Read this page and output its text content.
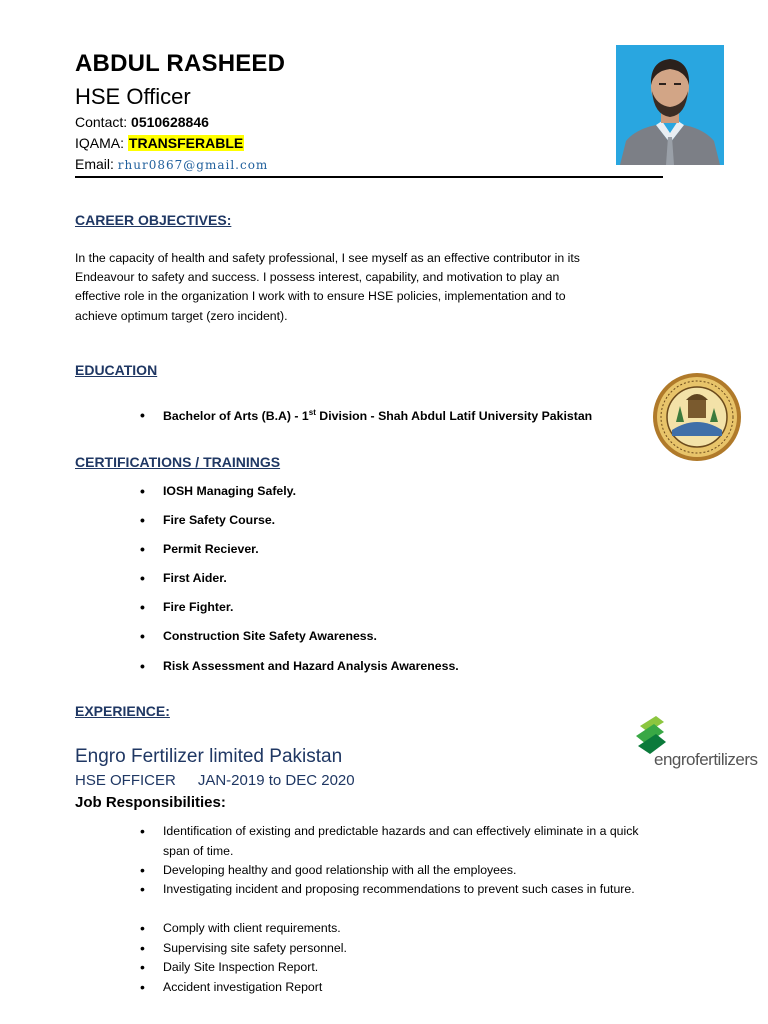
ABDUL RASHEED
HSE Officer
Contact: 0510628846
IQAMA: TRANSFERABLE
Email: rhur0867@gmail.com
CAREER OBJECTIVES:
In the capacity of health and safety professional, I see myself as an effective contributor in its Endeavour to safety and success. I possess interest, capability, and motivation to play an effective role in the organization I work with to ensure HSE policies, implementation and to achieve optimum target (zero incident).
EDUCATION
Bachelor of Arts (B.A) - 1st Division - Shah Abdul Latif University Pakistan
CERTIFICATIONS / TRAININGS
IOSH Managing Safely.
Fire Safety Course.
Permit Reciever.
First Aider.
Fire Fighter.
Construction Site Safety Awareness.
Risk Assessment and Hazard Analysis Awareness.
EXPERIENCE:
engrofertilizers
Engro Fertilizer limited Pakistan
HSE OFFICER JAN-2019 to DEC 2020
Job Responsibilities:
• Identification of existing and predictable hazards and can effectively eliminate in a quick span of time.
• Developing healthy and good relationship with all the employees.
• Investigating incident and proposing recommendations to prevent such cases in future.
• Comply with client requirements.
• Supervising site safety personnel.
• Daily Site Inspection Report.
• Accident investigation Report
